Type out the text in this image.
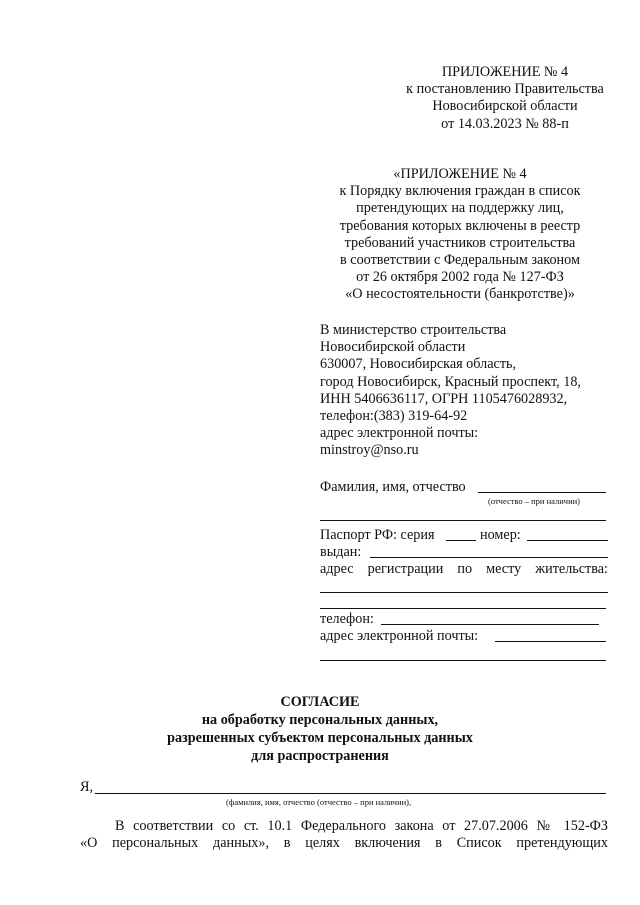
ПРИЛОЖЕНИЕ № 4
к постановлению Правительства
Новосибирской области
от 14.03.2023 № 88-п
«ПРИЛОЖЕНИЕ № 4
к Порядку включения граждан в список
претендующих на поддержку лиц,
требования которых включены в реестр
требований участников строительства
в соответствии с Федеральным законом
от 26 октября 2002 года № 127-ФЗ
«О несостоятельности (банкротстве)»
В министерство строительства
Новосибирской области
630007, Новосибирская область,
город Новосибирск, Красный проспект, 18,
ИНН 5406636117, ОГРН 1105476028932,
телефон:(383) 319-64-92
адрес электронной почты:
minstroy@nso.ru
Фамилия, имя, отчество
(отчество – при наличии)
Паспорт РФ: серия	номер:
выдан:
адрес регистрации по месту жительства:
телефон:
адрес электронной почты:
СОГЛАСИЕ
на обработку персональных данных,
разрешенных субъектом персональных данных
для распространения
Я,
(фамилия, имя, отчество (отчество – при наличии),
В соответствии со ст. 10.1 Федерального закона от 27.07.2006 № 152-ФЗ
«О персональных данных», в целях включения в Список претендующих
